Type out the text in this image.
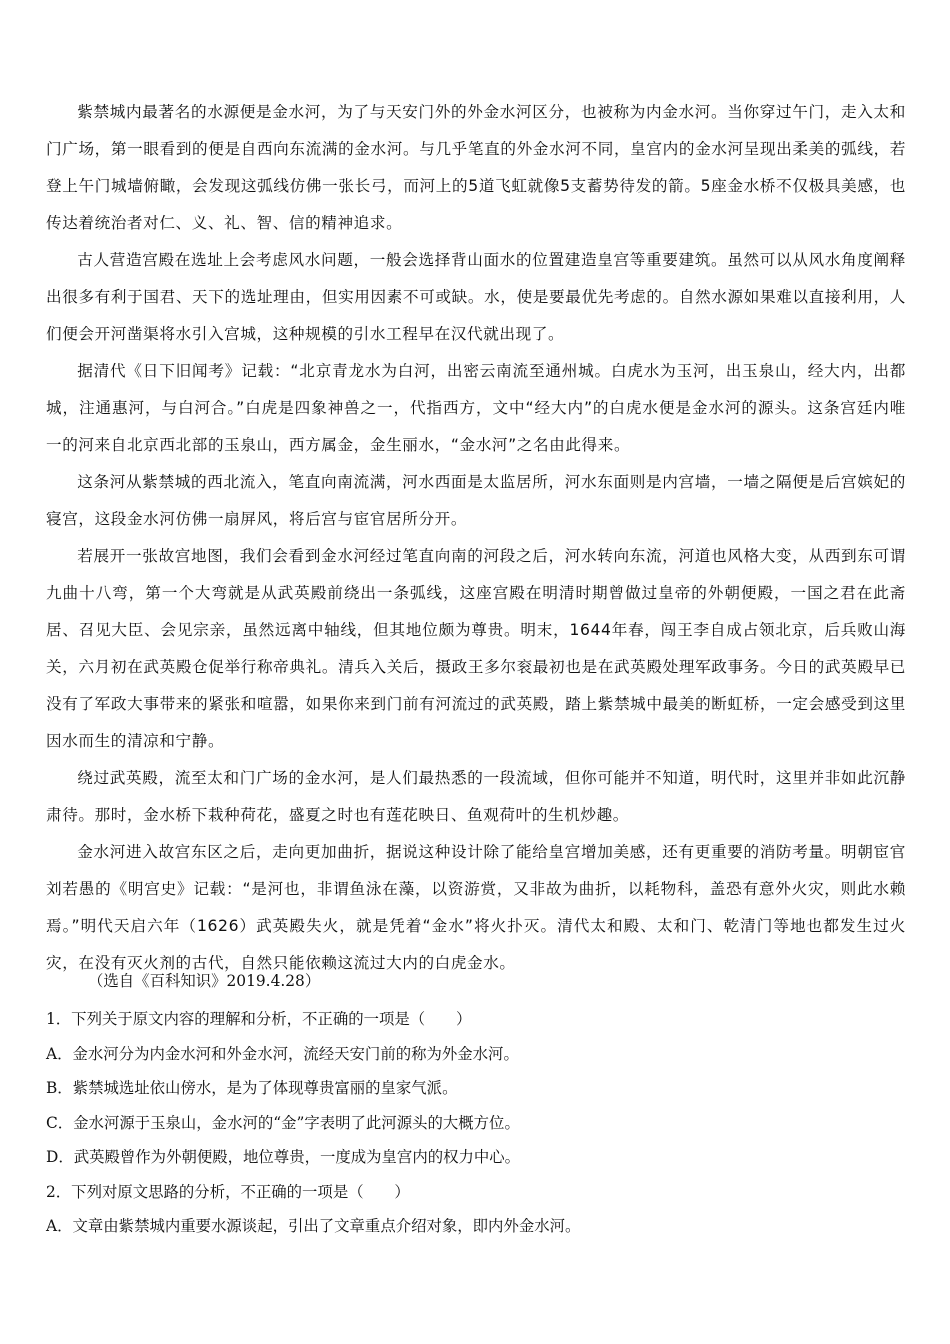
紫禁城内最著名的水源便是金水河，为了与天安门外的外金水河区分，也被称为内金水河。当你穿过午门，走入太和门广场，第一眼看到的便是自西向东流满的金水河。与几乎笔直的外金水河不同，皇宫内的金水河呈现出柔美的弧线，若登上午门城墙俯瞰，会发现这弧线仿佛一张长弓，而河上的5道飞虹就像5支蓄势待发的箭。5座金水桥不仅极具美感，也传达着统治者对仁、义、礼、智、信的精神追求。

古人营造宫殿在选址上会考虑风水问题，一般会选择背山面水的位置建造皇宫等重要建筑。虽然可以从风水角度阐释出很多有利于国君、天下的选址理由，但实用因素不可或缺。水，使是要最优先考虑的。自然水源如果难以直接利用，人们便会开河凿渠将水引入宫城，这种规模的引水工程早在汉代就出现了。

据清代《日下旧闻考》记载：“北京青龙水为白河，出密云南流至通州城。白虎水为玉河，出玉泉山，经大内，出都城，注通惠河，与白河合。”白虎是四象神兽之一，代指西方，文中“经大内”的白虎水便是金水河的源头。这条宫廷内唯一的河来自北京西北部的玉泉山，西方属金，金生丽水，“金水河”之名由此得来。

这条河从紫禁城的西北流入，笔直向南流满，河水西面是太监居所，河水东面则是内宫墙，一墙之隔便是后宫嫔妃的寝宫，这段金水河仿佛一扇屏风，将后宫与宦官居所分开。

若展开一张故宫地图，我们会看到金水河经过笔直向南的河段之后，河水转向东流，河道也风格大变，从西到东可谓九曲十八弯，第一个大弯就是从武英殿前绕出一条弧线，这座宫殿在明清时期曾做过皇帝的外朝便殿，一国之君在此斋居、召见大臣、会见宗亲，虽然远离中轴线，但其地位颇为尊贵。明末，1644年春，闯王李自成占领北京，后兵败山海关，六月初在武英殿仓促举行称帝典礼。清兵入关后，摄政王多尔衮最初也是在武英殿处理军政事务。今日的武英殿早已没有了军政大事带来的紧张和喧嚣，如果你来到门前有河流过的武英殿，踏上紫禁城中最美的断虹桥，一定会感受到这里因水而生的清凉和宁静。

绕过武英殿，流至太和门广场的金水河，是人们最热悉的一段流域，但你可能并不知道，明代时，这里并非如此沉静肃待。那时，金水桥下栽种荷花，盛夏之时也有莲花映日、鱼观荷叶的生机炒趣。

金水河进入故宫东区之后，走向更加曲折，据说这种设计除了能给皇宫增加美感，还有更重要的消防考量。明朝宦官刘若愚的《明宫史》记载：“是河也，非谓鱼泳在藻，以资游赏，又非故为曲折，以耗物科，盖恐有意外火灾，则此水赖焉。”明代天启六年（1626）武英殿失火，就是凭着“金水”将火扑灭。清代太和殿、太和门、乾清门等地也都发生过火灾，在没有灭火剂的古代，自然只能依赖这流过大内的白虎金水。

（选自《百科知识》2019.4.28）

1．下列关于原文内容的理解和分析，不正确的一项是（　　）

A．金水河分为内金水河和外金水河，流经天安门前的称为外金水河。

B．紫禁城选址依山傍水，是为了体现尊贵富丽的皇家气派。

C．金水河源于玉泉山，金水河的“金”字表明了此河源头的大概方位。

D．武英殿曾作为外朝便殿，地位尊贵，一度成为皇宫内的权力中心。

2．下列对原文思路的分析，不正确的一项是（　　）

A．文章由紫禁城内重要水源谈起，引出了文章重点介绍对象，即内外金水河。
